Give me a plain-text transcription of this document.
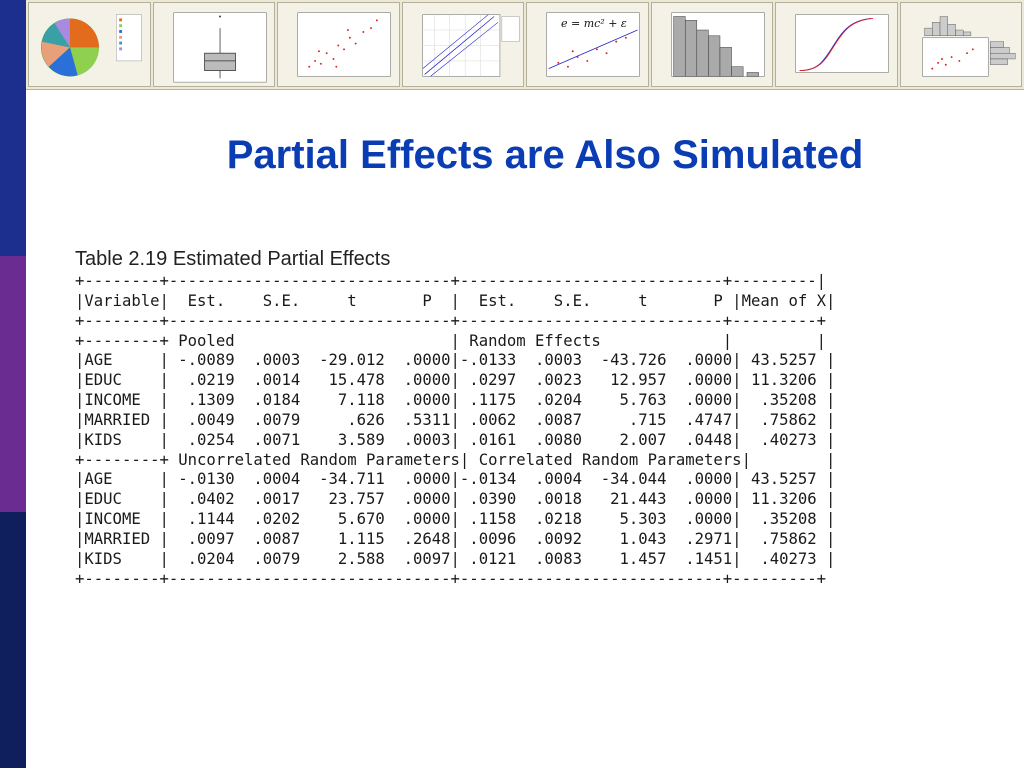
e = mc² + ε
Partial Effects are Also Simulated
Table 2.19 Estimated Partial Effects
+--------+------------------------------+----------------------------+---------|
|Variable|  Est.    S.E.     t       P  |  Est.    S.E.     t       P |Mean of X|
+--------+------------------------------+----------------------------+---------+
+--------+ Pooled                       | Random Effects             |         |
|AGE     | -.0089  .0003  -29.012  .0000|-.0133  .0003  -43.726  .0000| 43.5257 |
|EDUC    |  .0219  .0014   15.478  .0000| .0297  .0023   12.957  .0000| 11.3206 |
|INCOME  |  .1309  .0184    7.118  .0000| .1175  .0204    5.763  .0000|  .35208 |
|MARRIED |  .0049  .0079     .626  .5311| .0062  .0087     .715  .4747|  .75862 |
|KIDS    |  .0254  .0071    3.589  .0003| .0161  .0080    2.007  .0448|  .40273 |
+--------+ Uncorrelated Random Parameters| Correlated Random Parameters|        |
|AGE     | -.0130  .0004  -34.711  .0000|-.0134  .0004  -34.044  .0000| 43.5257 |
|EDUC    |  .0402  .0017   23.757  .0000| .0390  .0018   21.443  .0000| 11.3206 |
|INCOME  |  .1144  .0202    5.670  .0000| .1158  .0218    5.303  .0000|  .35208 |
|MARRIED |  .0097  .0087    1.115  .2648| .0096  .0092    1.043  .2971|  .75862 |
|KIDS    |  .0204  .0079    2.588  .0097| .0121  .0083    1.457  .1451|  .40273 |
+--------+------------------------------+----------------------------+---------+
